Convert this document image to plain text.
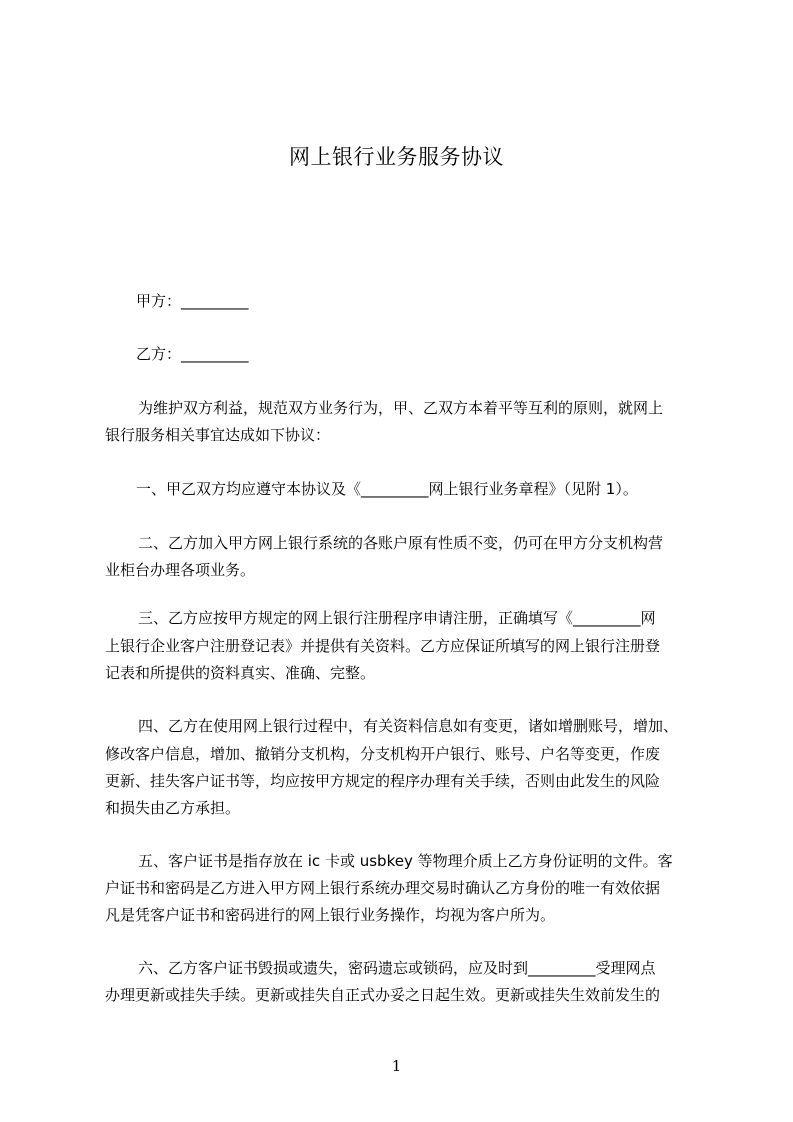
网上银行业务服务协议
甲方：_________
乙方：_________
为维护双方利益，规范双方业务行为，甲、乙双方本着平等互利的原则，就网上
银行服务相关事宜达成如下协议：
一、甲乙双方均应遵守本协议及《_________网上银行业务章程》（见附 1）。
二、乙方加入甲方网上银行系统的各账户原有性质不变，仍可在甲方分支机构营
业柜台办理各项业务。
三、乙方应按甲方规定的网上银行注册程序申请注册，正确填写《_________网
上银行企业客户注册登记表》并提供有关资料。乙方应保证所填写的网上银行注册登
记表和所提供的资料真实、准确、完整。
四、乙方在使用网上银行过程中，有关资料信息如有变更，诸如增删账号，增加、
修改客户信息，增加、撤销分支机构，分支机构开户银行、账号、户名等变更，作废
更新、挂失客户证书等，均应按甲方规定的程序办理有关手续，否则由此发生的风险
和损失由乙方承担。
五、客户证书是指存放在 ic 卡或 usbkey 等物理介质上乙方身份证明的文件。客
户证书和密码是乙方进入甲方网上银行系统办理交易时确认乙方身份的唯一有效依据
凡是凭客户证书和密码进行的网上银行业务操作，均视为客户所为。
六、乙方客户证书毁损或遗失，密码遗忘或锁码，应及时到_________受理网点
办理更新或挂失手续。更新或挂失自正式办妥之日起生效。更新或挂失生效前发生的
1
